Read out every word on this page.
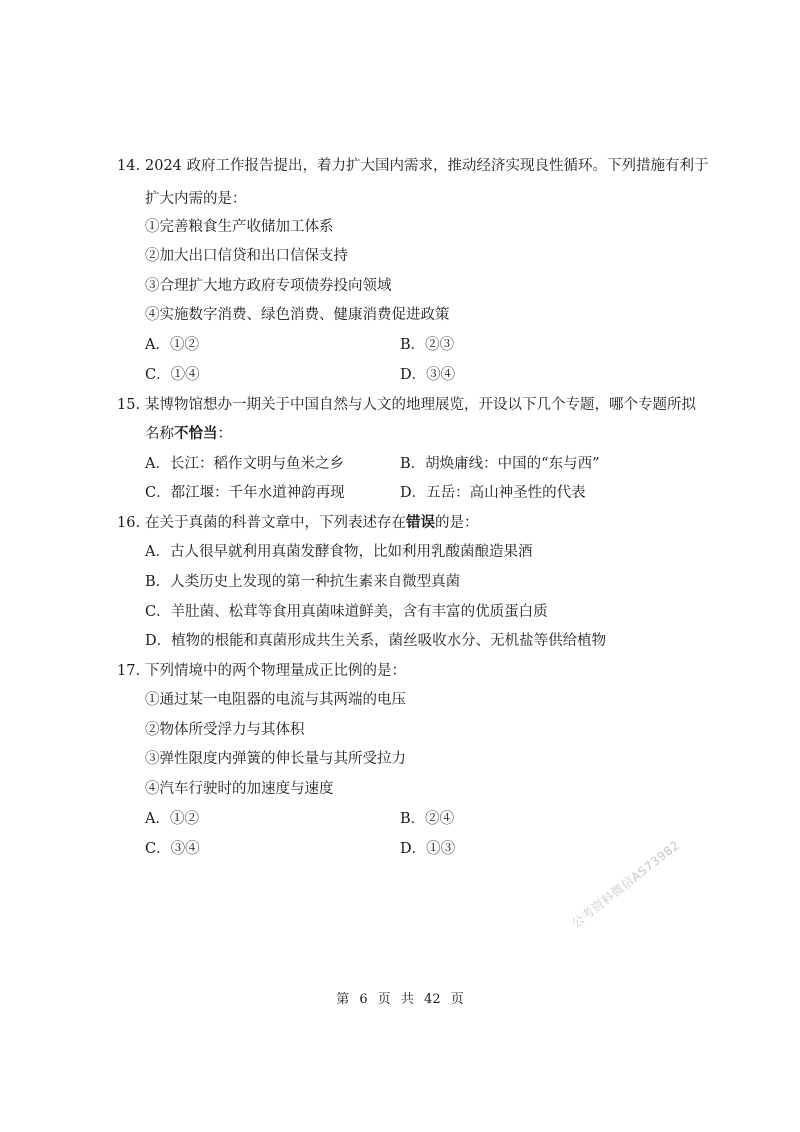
14. 2024 政府工作报告提出，着力扩大国内需求，推动经济实现良性循环。下列措施有利于
扩大内需的是：
①完善粮食生产收储加工体系
②加大出口信贷和出口信保支持
③合理扩大地方政府专项债券投向领域
④实施数字消费、绿色消费、健康消费促进政策
A．①②	B．②③
C．①④	D．③④
15. 某博物馆想办一期关于中国自然与人文的地理展览，开设以下几个专题，哪个专题所拟
名称不恰当：
A．长江：稻作文明与鱼米之乡	B．胡焕庸线：中国的“东与西”
C．都江堰：千年水道神韵再现	D．五岳：高山神圣性的代表
16. 在关于真菌的科普文章中，下列表述存在错误的是：
A．古人很早就利用真菌发酵食物，比如利用乳酸菌酿造果酒
B．人类历史上发现的第一种抗生素来自微型真菌
C．羊肚菌、松茸等食用真菌味道鲜美，含有丰富的优质蛋白质
D．植物的根能和真菌形成共生关系，菌丝吸收水分、无机盐等供给植物
17. 下列情境中的两个物理量成正比例的是：
①通过某一电阻器的电流与其两端的电压
②物体所受浮力与其体积
③弹性限度内弹簧的伸长量与其所受拉力
④汽车行驶时的加速度与速度
A．①②	B．②④
C．③④	D．①③	公考资料微信AS73982
第 6 页 共 42 页
